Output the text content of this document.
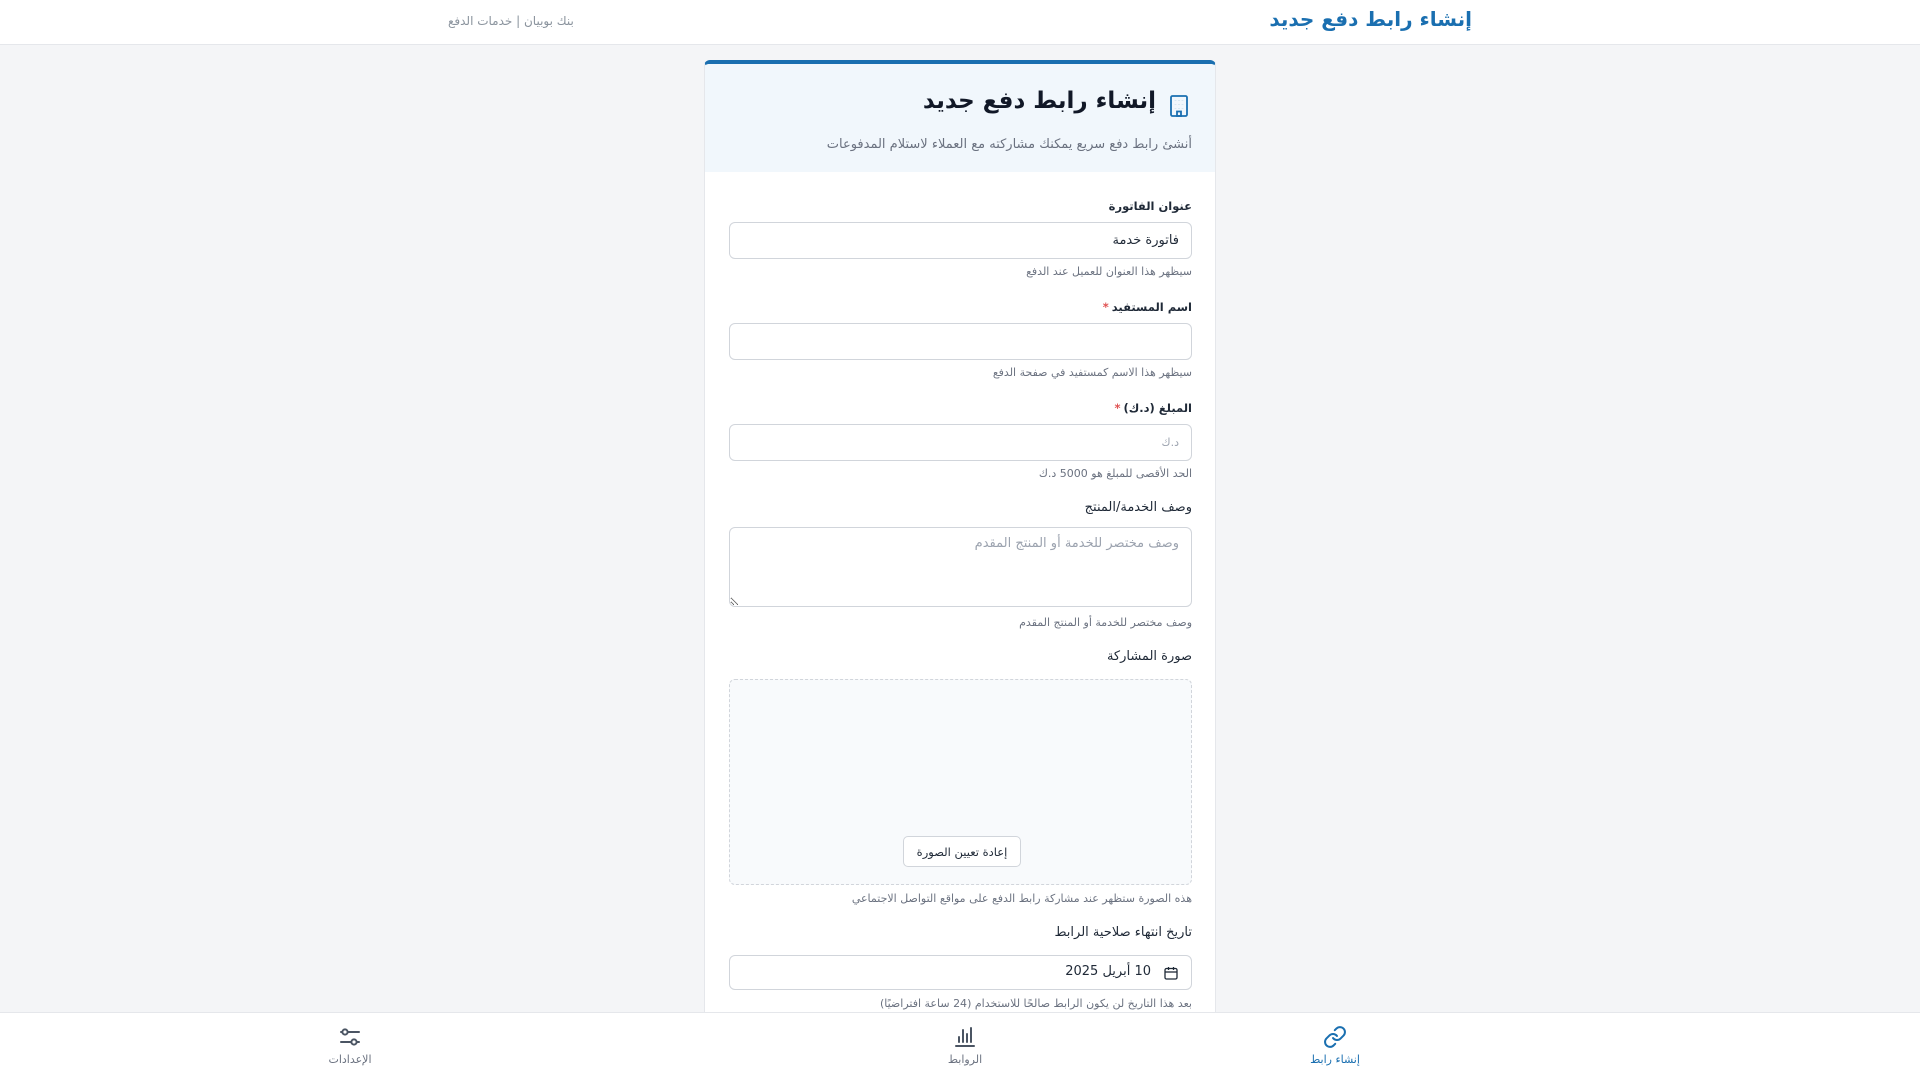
إنشاء رابط دفع جديد
بنك بوبيان | خدمات الدفع
إنشاء رابط دفع جديد
أنشئ رابط دفع سريع يمكنك مشاركته مع العملاء لاستلام المدفوعات
عنوان الفاتورة
فاتورة خدمة
سيظهر هذا العنوان للعميل عند الدفع
اسم المستفيد*
سيظهر هذا الاسم كمستفيد في صفحة الدفع
المبلغ (د.ك)*
د.ك
الحد الأقصى للمبلغ هو 5000 د.ك
وصف الخدمة/المنتج
وصف مختصر للخدمة أو المنتج المقدم
وصف مختصر للخدمة أو المنتج المقدم
صورة المشاركة
إعادة تعيين الصورة
هذه الصورة ستظهر عند مشاركة رابط الدفع على مواقع التواصل الاجتماعي
تاريخ انتهاء صلاحية الرابط
10 أبريل 2025
بعد هذا التاريخ لن يكون الرابط صالحًا للاستخدام (24 ساعة افتراضيًا)
إنشاء رابط
الروابط
الإعدادات
